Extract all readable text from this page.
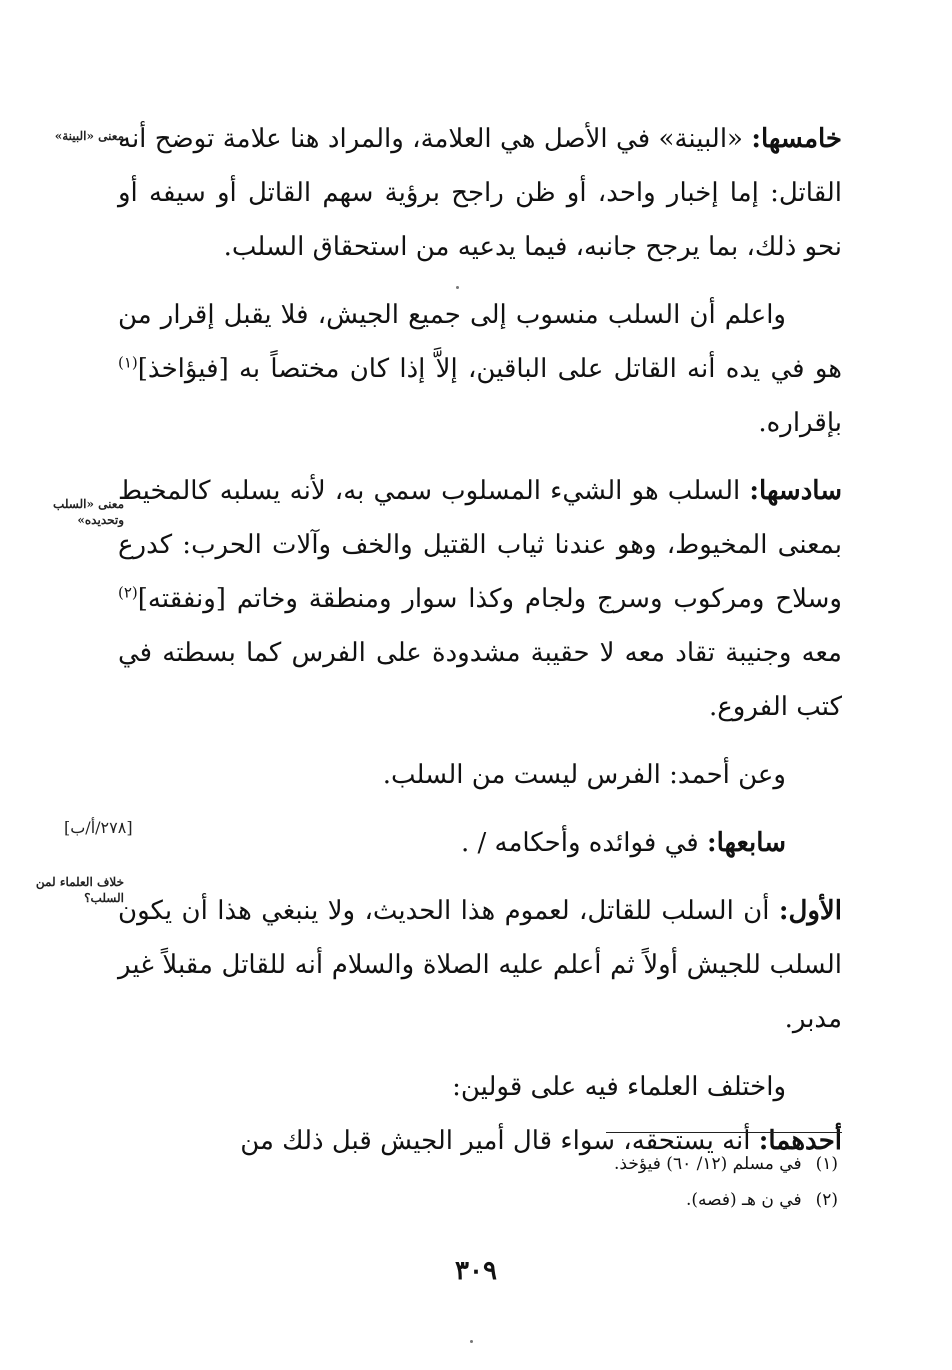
خامسها: «البينة» في الأصل هي العلامة، والمراد هنا علامة توضح أنه القاتل: إما إخبار واحد، أو ظن راجح برؤية سهم القاتل أو سيفه أو نحو ذلك، بما يرجح جانبه، فيما يدعيه من استحقاق السلب.

واعلم أن السلب منسوب إلى جميع الجيش، فلا يقبل إقرار من هو في يده أنه القاتل على الباقين، إلاَّ إذا كان مختصاً به [فيؤاخذ]$^{(١)}$ بإقراره.

سادسها: السلب هو الشيء المسلوب سمي به، لأنه يسلبه كالمخيط بمعنى المخيوط، وهو عندنا ثياب القتيل والخف وآلات الحرب: كدرع وسلاح ومركوب وسرج ولجام وكذا سوار ومنطقة وخاتم [ونفقته]$^{(٢)}$ معه وجنيبة تقاد معه لا حقيبة مشدودة على الفرس كما بسطته في كتب الفروع.

وعن أحمد: الفرس ليست من السلب.

سابعها: في فوائده وأحكامه / .

الأول: أن السلب للقاتل، لعموم هذا الحديث، ولا ينبغي هذا أن يكون السلب للجيش أولاً ثم أعلم عليه الصلاة والسلام أنه للقاتل مقبلاً غير مدبر.

واختلف العلماء فيه على قولين:

أحدهما: أنه يستحقه، سواء قال أمير الجيش قبل ذلك من

معنى «البينة»
معنى «السلب وتحديده»
خلاف العلماء لمن السلب؟
[٢٧٨/أ/ب]
(١)في مسلم (١٢/ ٦٠) فيؤخذ.
(٢)في ن هـ (فصه).
٣٠٩
